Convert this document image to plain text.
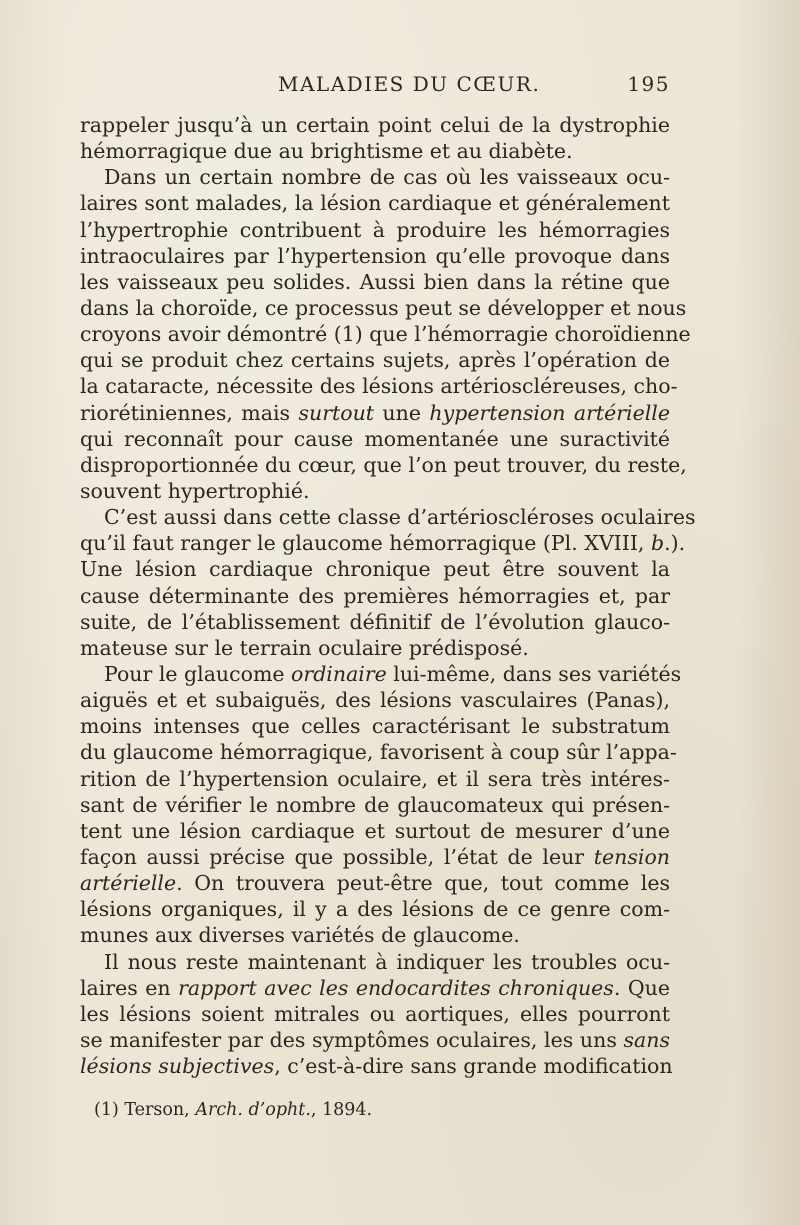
MALADIES DU CŒUR.	195
rappeler jusqu’à un certain point celui de la dystrophie
hémorragique due au brightisme et au diabète.
Dans un certain nombre de cas où les vaisseaux ocu-
laires sont malades, la lésion cardiaque et généralement
l’hypertrophie contribuent à produire les hémorragies
intraoculaires par l’hypertension qu’elle provoque dans
les vaisseaux peu solides. Aussi bien dans la rétine que
dans la choroïde, ce processus peut se développer et nous
croyons avoir démontré (1) que l’hémorragie choroïdienne
qui se produit chez certains sujets, après l’opération de
la cataracte, nécessite des lésions artérioscléreuses, cho-
riorétiniennes, mais surtout une hypertension artérielle
qui reconnaît pour cause momentanée une suractivité
disproportionnée du cœur, que l’on peut trouver, du reste,
souvent hypertrophié.
C’est aussi dans cette classe d’artérioscléroses oculaires
qu’il faut ranger le glaucome hémorragique (Pl. XVIII, b.).
Une lésion cardiaque chronique peut être souvent la
cause déterminante des premières hémorragies et, par
suite, de l’établissement définitif de l’évolution glauco-
mateuse sur le terrain oculaire prédisposé.
Pour le glaucome ordinaire lui-même, dans ses variétés
aiguës et et subaiguës, des lésions vasculaires (Panas),
moins intenses que celles caractérisant le substratum
du glaucome hémorragique, favorisent à coup sûr l’appa-
rition de l’hypertension oculaire, et il sera très intéres-
sant de vérifier le nombre de glaucomateux qui présen-
tent une lésion cardiaque et surtout de mesurer d’une
façon aussi précise que possible, l’état de leur tension
artérielle. On trouvera peut-être que, tout comme les
lésions organiques, il y a des lésions de ce genre com-
munes aux diverses variétés de glaucome.
Il nous reste maintenant à indiquer les troubles ocu-
laires en rapport avec les endocardites chroniques. Que
les lésions soient mitrales ou aortiques, elles pourront
se manifester par des symptômes oculaires, les uns sans
lésions subjectives, c’est-à-dire sans grande modification
(1) Terson, Arch. d’opht., 1894.
